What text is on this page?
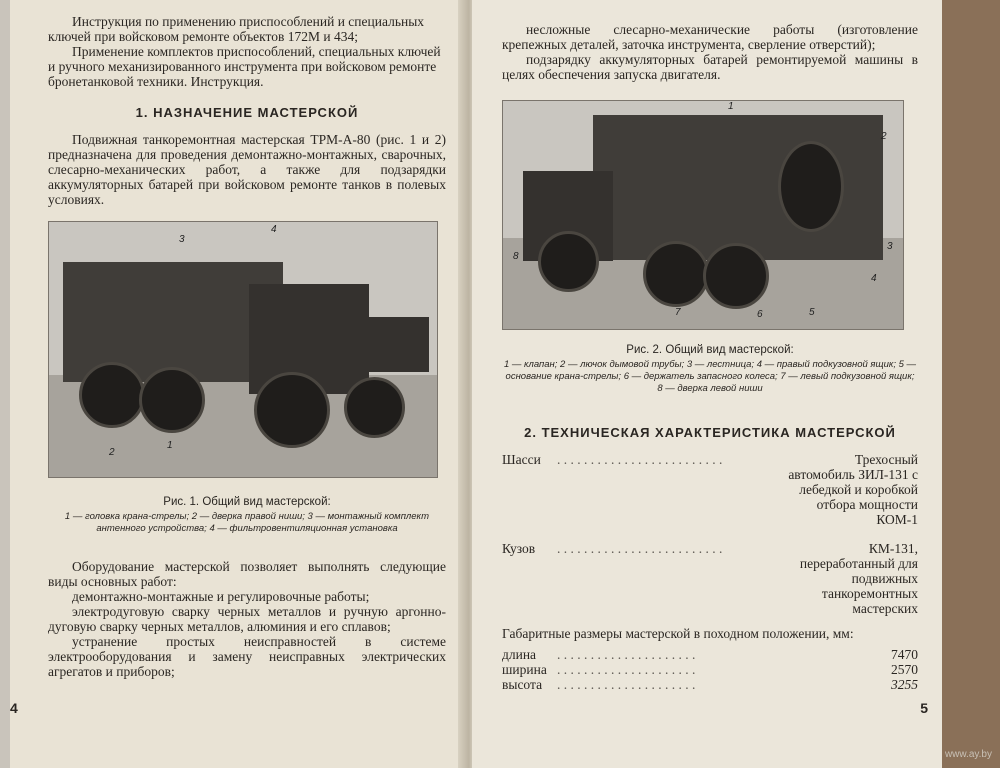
Инструкция по применению приспособлений и специальных

ключей при войсковом ремонте объектов 172М и 434;

Применение комплектов приспособлений, специальных ключей

и ручного механизированного инструмента при войсковом ремонте

бронетанковой техники. Инструкция.

1. НАЗНАЧЕНИЕ МАСТЕРСКОЙ

Подвижная танкоремонтная мастерская ТРМ-А-80 (рис. 1 и 2) предназначена для проведения демонтажно-монтажных, сварочных, слесарно-механических работ, а также для подзарядки аккумуляторных батарей при войсковом ремонте танков в полевых условиях.

3
4
2
1
Рис. 1. Общий вид мастерской:
1 — головка крана-стрелы; 2 — дверка правой ниши; 3 — монтажный комплект антенного устройства; 4 — фильтровентиляционная установка

Оборудование мастерской позволяет выполнять следующие виды основных работ:

демонтажно-монтажные и регулировочные работы;

электродуговую сварку черных металлов и ручную аргонно-дуговую сварку черных металлов, алюминия и его сплавов;

устранение простых неисправностей в системе электрооборудования и замену неисправных электрических агрегатов и приборов;

4

несложные слесарно-механические работы (изготовление крепежных деталей, заточка инструмента, сверление отверстий);

подзарядку аккумуляторных батарей ремонтируемой машины в целях обеспечения запуска двигателя.

1
2
3
4
5
6
7
8
Рис. 2. Общий вид мастерской:
1 — клапан; 2 — лючок дымовой трубы; 3 — лестница; 4 — правый подкузовной ящик; 5 — основание крана-стрелы; 6 — держатель запасного колеса; 7 — левый подкузовной ящик; 8 — дверка левой ниши
2. ТЕХНИЧЕСКАЯ ХАРАКТЕРИСТИКА МАСТЕРСКОЙ
Шасси	. . . . . . . . . . . . . . . . . . . . . . . . .	Трехосный автомобиль ЗИЛ-131 с лебедкой и коробкой отбора мощности КОМ-1
Кузов	. . . . . . . . . . . . . . . . . . . . . . . . .	КМ-131, переработанный для подвижных танкоремонтных мастерских

Габаритные размеры мастерской в походном положении, мм:

длина	. . . . . . . . . . . . . . . . . . . . .	7470
ширина . . . . . . . . . . . . . . . . . . . . .	2570
высота	. . . . . . . . . . . . . . . . . . . . .	3255
5
www.ay.by
